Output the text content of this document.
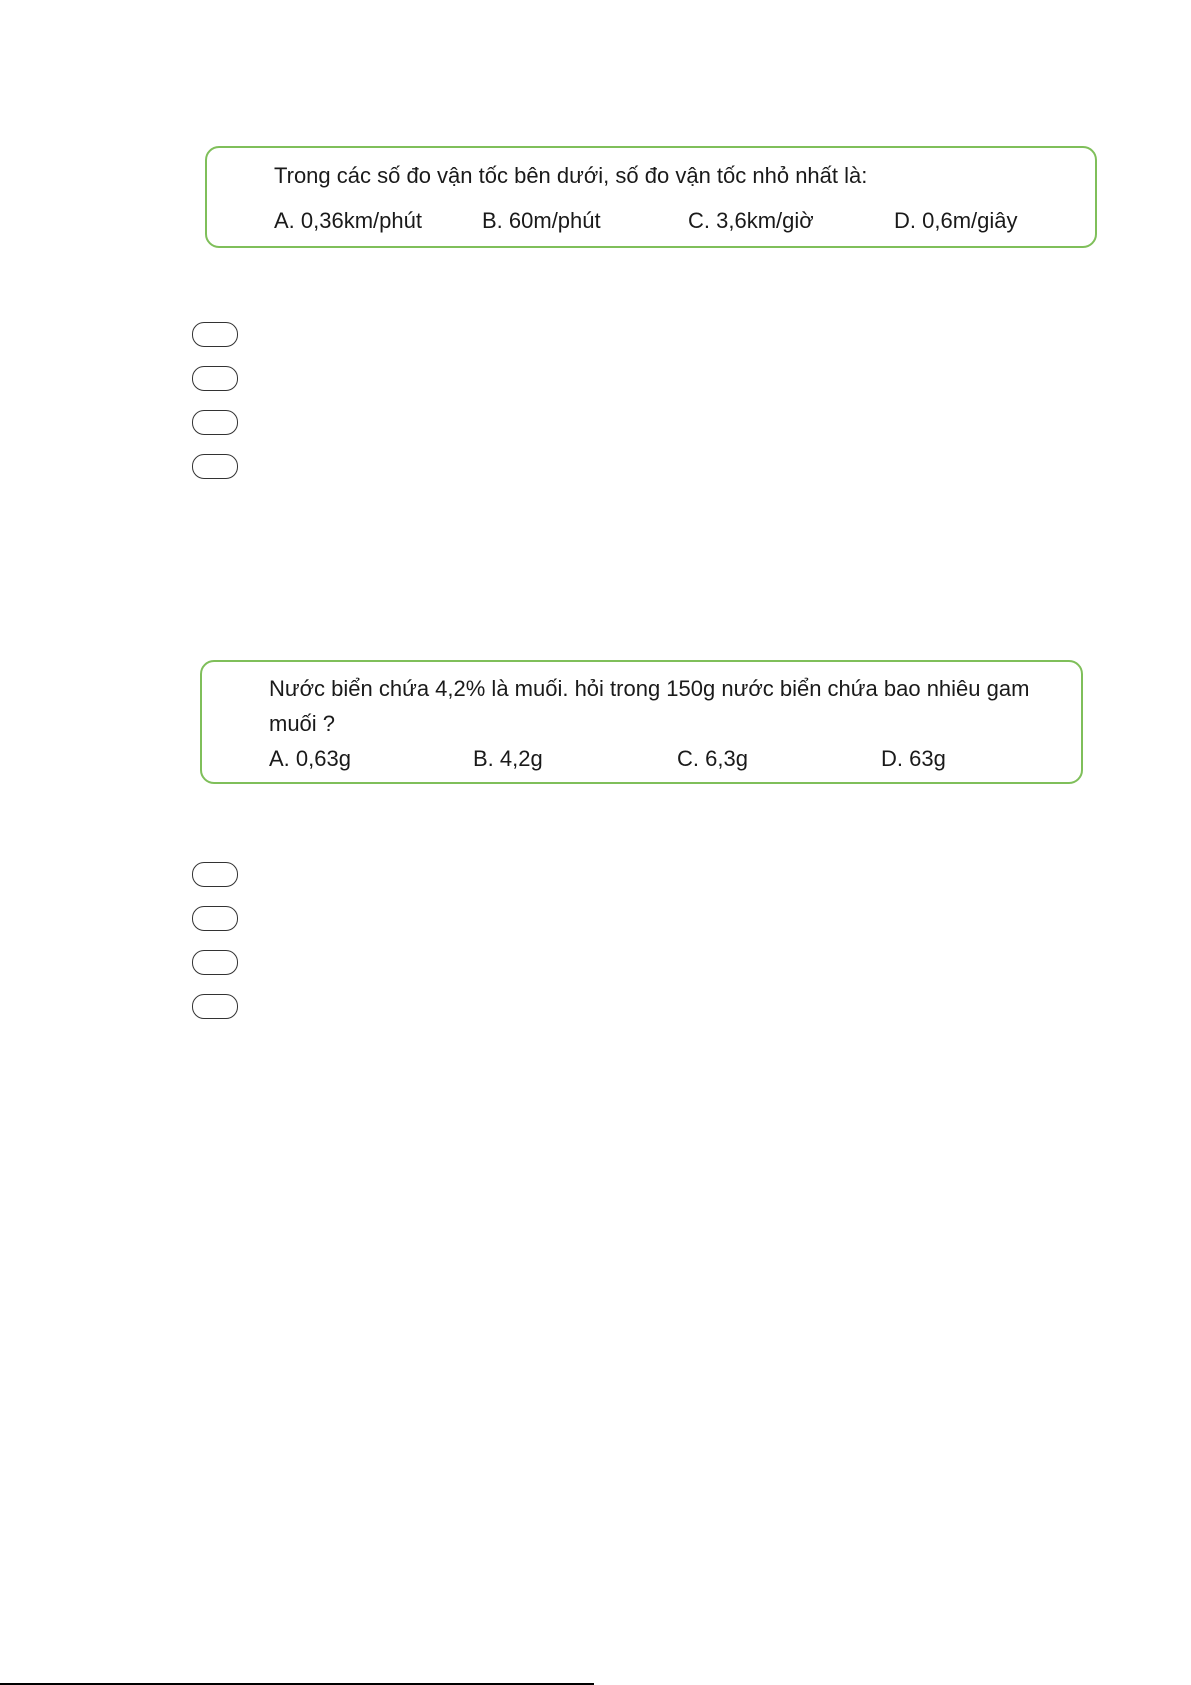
Trong các số đo vận tốc bên dưới, số đo vận tốc nhỏ nhất là:
A. 0,36km/phút	B. 60m/phút	C. 3,6km/giờ	D. 0,6m/giây
Nước biển chứa 4,2% là muối. hỏi trong 150g nước biển chứa bao nhiêu gam muối ?
A. 0,63g	B. 4,2g	C. 6,3g	D. 63g
